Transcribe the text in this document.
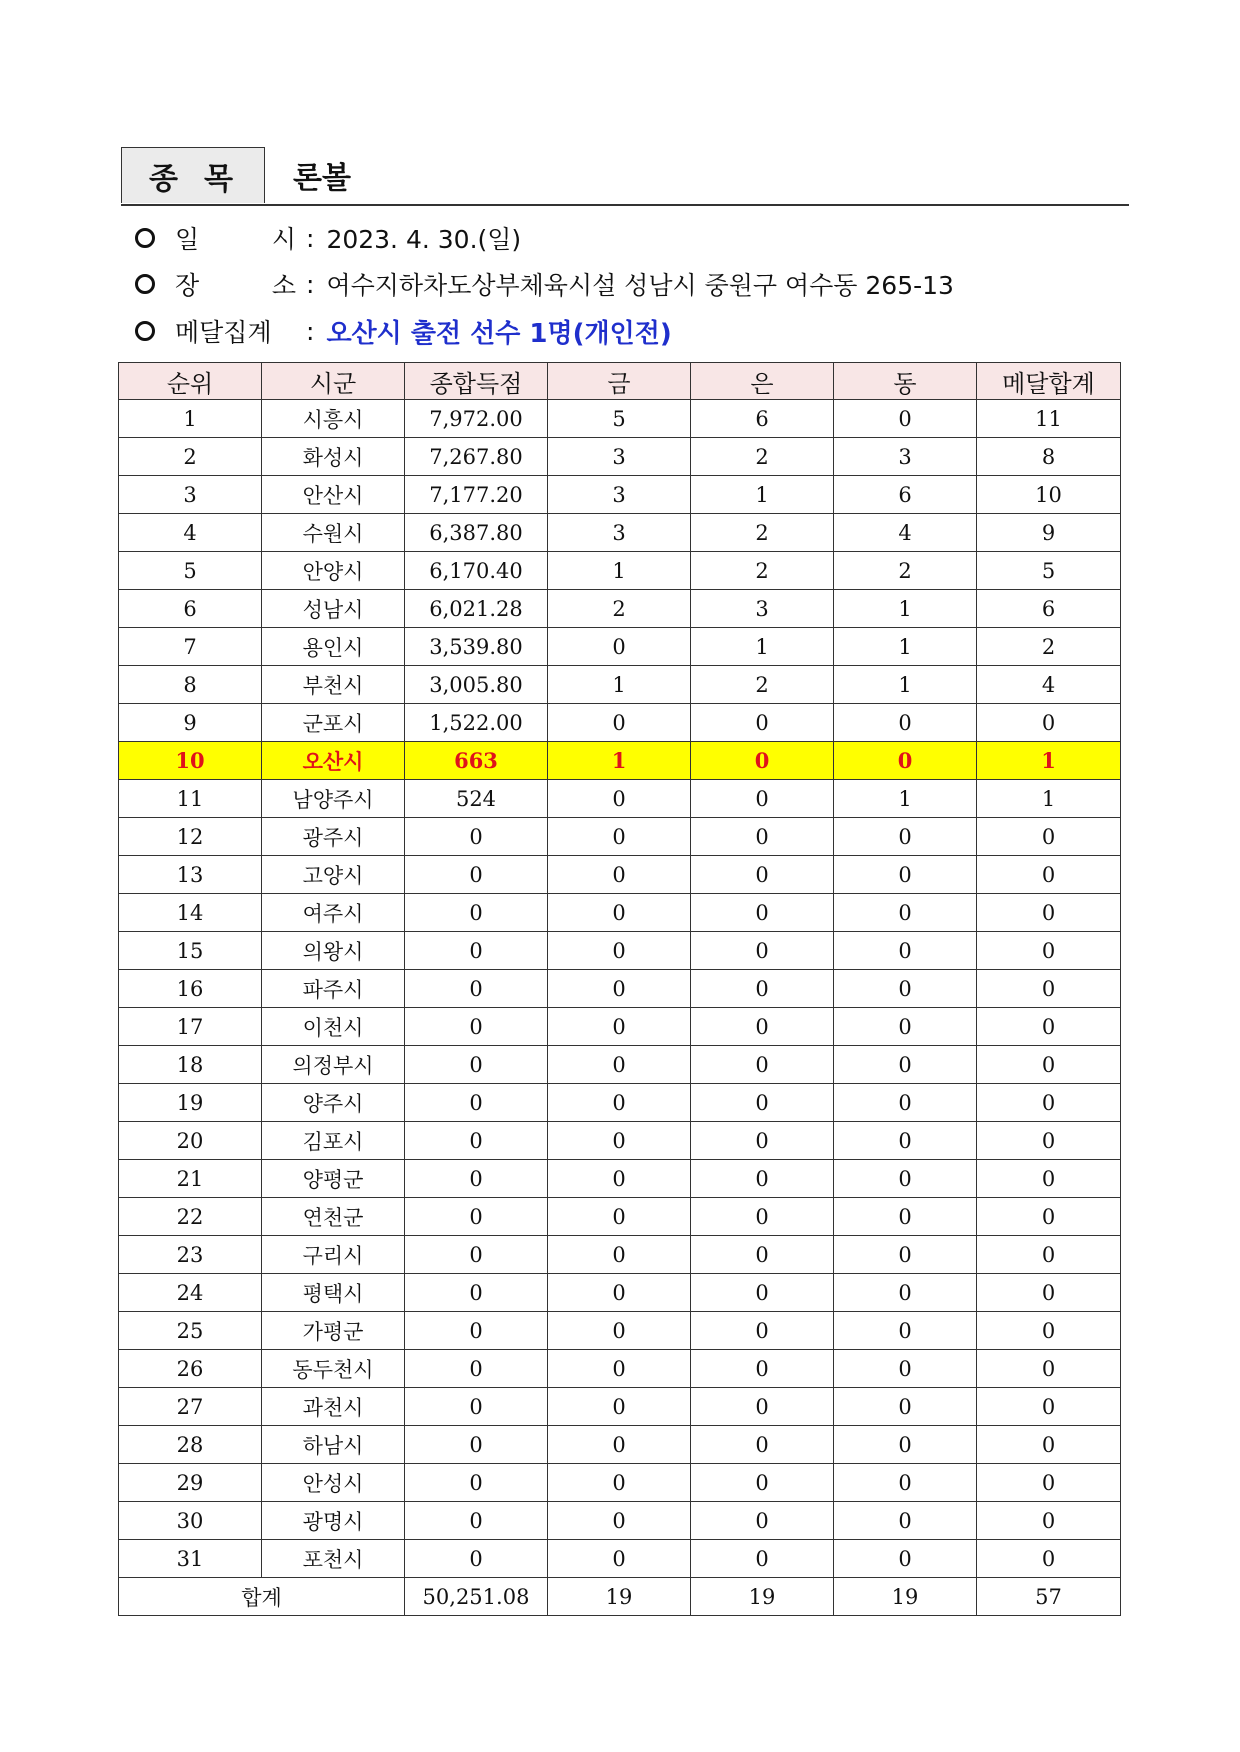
종목 론볼
일	시 : 2023. 4. 30.(일)
장	소 : 여수지하차도상부체육시설 성남시 중원구 여수동 265-13
메달집계	: 오산시 출전 선수 1명(개인전)
순위	시군	종합득점	금	은	동	메달합계
1	시흥시	7,972.00	5	6	0	11
2	화성시	7,267.80	3	2	3	8
3	안산시	7,177.20	3	1	6	10
4	수원시	6,387.80	3	2	4	9
5	안양시	6,170.40	1	2	2	5
6	성남시	6,021.28	2	3	1	6
7	용인시	3,539.80	0	1	1	2
8	부천시	3,005.80	1	2	1	4
9	군포시	1,522.00	0	0	0	0
10	오산시	663	1	0	0	1
11	남양주시	524	0	0	1	1
12	광주시	0	0	0	0	0
13	고양시	0	0	0	0	0
14	여주시	0	0	0	0	0
15	의왕시	0	0	0	0	0
16	파주시	0	0	0	0	0
17	이천시	0	0	0	0	0
18	의정부시	0	0	0	0	0
19	양주시	0	0	0	0	0
20	김포시	0	0	0	0	0
21	양평군	0	0	0	0	0
22	연천군	0	0	0	0	0
23	구리시	0	0	0	0	0
24	평택시	0	0	0	0	0
25	가평군	0	0	0	0	0
26	동두천시	0	0	0	0	0
27	과천시	0	0	0	0	0
28	하남시	0	0	0	0	0
29	안성시	0	0	0	0	0
30	광명시	0	0	0	0	0
31	포천시	0	0	0	0	0
합계		50,251.08	19	19	19	57
